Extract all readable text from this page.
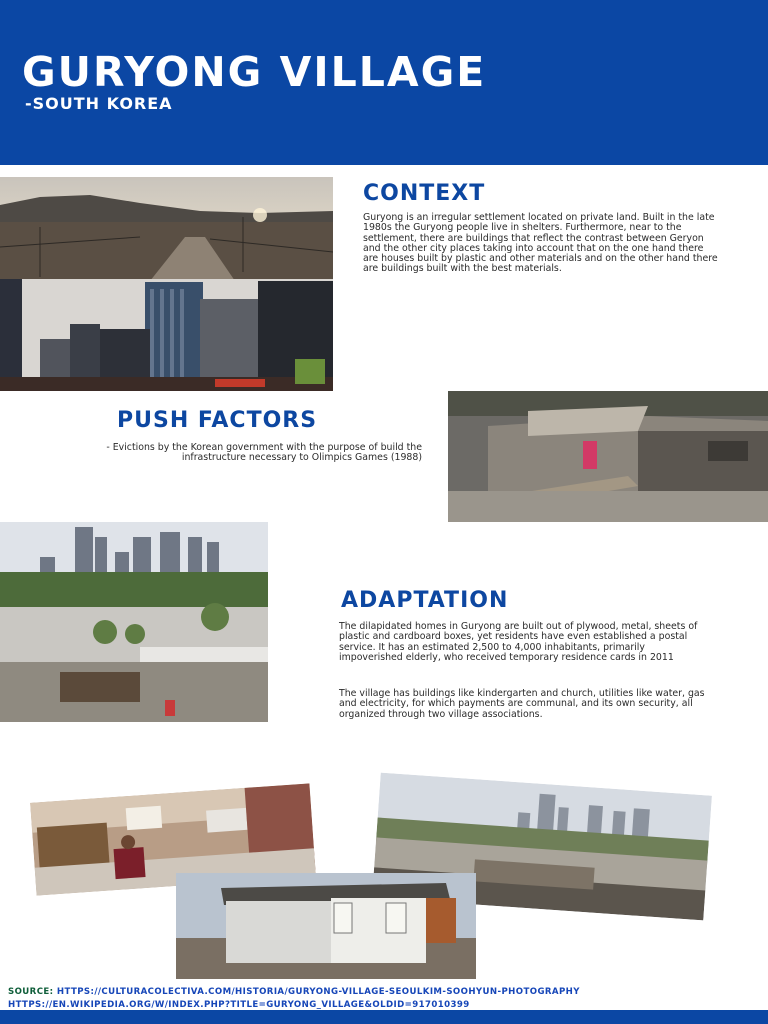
GURYONG VILLAGE
-SOUTH KOREA
CONTEXT

Guryong is an irregular settlement located on private land. Built in the late 1980s the Guryong people live in shelters. Furthermore, near to the settlement, there are buildings that reflect the contrast between Geryon and the other city places taking into account that on the one hand there are houses built by plastic and other materials and on the other hand there are buildings built with the best materials.

PUSH FACTORS

- Evictions by the Korean government with the purpose of build the infrastructure necessary to Olimpics Games (1988)

ADAPTATION

The dilapidated homes in Guryong are built out of plywood, metal, sheets of plastic and cardboard boxes, yet residents have even established a postal service. It has an estimated 2,500 to 4,000 inhabitants, primarily impoverished elderly, who received temporary residence cards in 2011

The village has buildings like kindergarten and church, utilities like water, gas and electricity, for which payments are communal, and its own security, all organized through two village associations.

SOURCE: HTTPS://CULTURACOLECTIVA.COM/HISTORIA/GURYONG-VILLAGE-SEOULKIM-SOOHYUN-PHOTOGRAPHY
HTTPS://EN.WIKIPEDIA.ORG/W/INDEX.PHP?TITLE=GURYONG_VILLAGE&OLDID=917010399
